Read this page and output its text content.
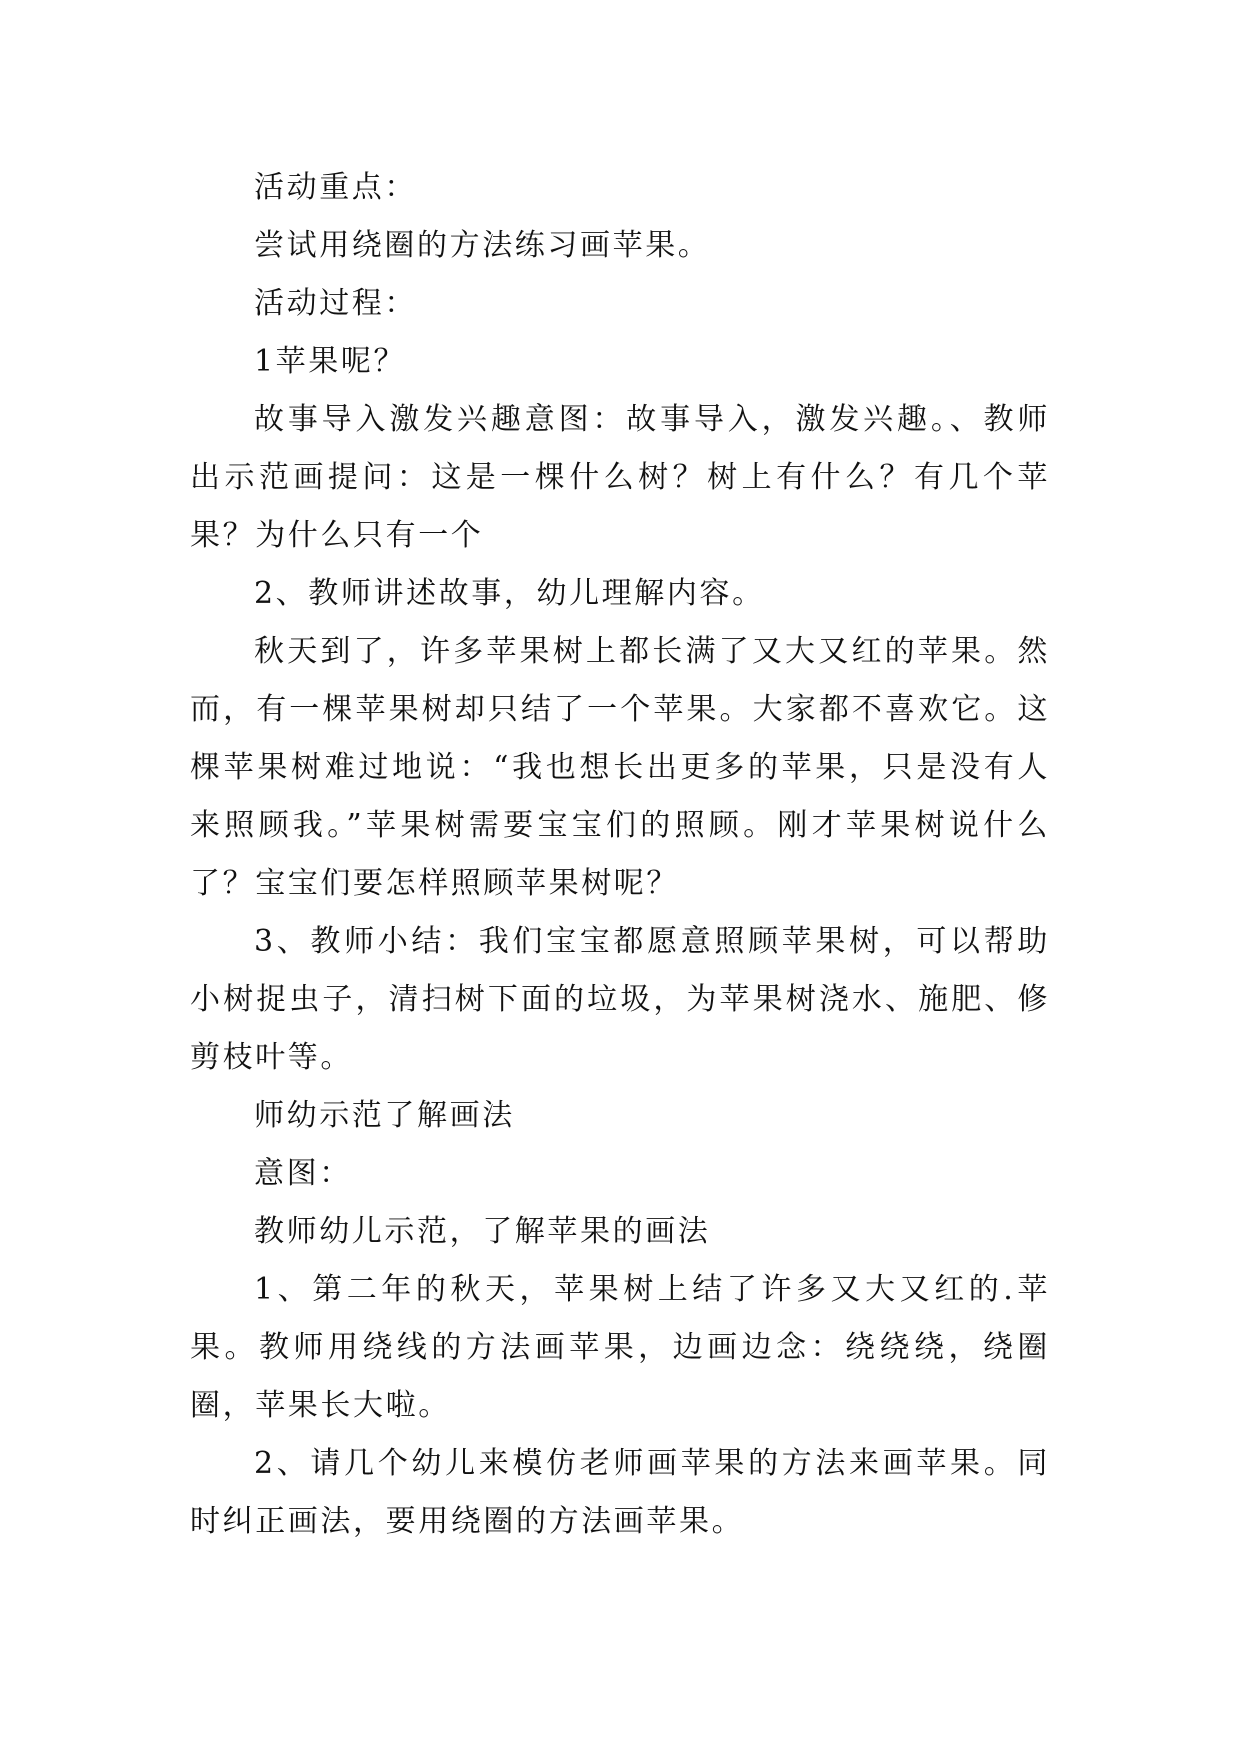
活动重点：

尝试用绕圈的方法练习画苹果。

活动过程：

1苹果呢？

故事导入激发兴趣意图：故事导入，激发兴趣。、教师出示范画提问：这是一棵什么树？树上有什么？有几个苹果？为什么只有一个

2、教师讲述故事，幼儿理解内容。

秋天到了，许多苹果树上都长满了又大又红的苹果。然而，有一棵苹果树却只结了一个苹果。大家都不喜欢它。这棵苹果树难过地说：“我也想长出更多的苹果，只是没有人来照顾我。”苹果树需要宝宝们的照顾。刚才苹果树说什么了？宝宝们要怎样照顾苹果树呢？

3、教师小结：我们宝宝都愿意照顾苹果树，可以帮助小树捉虫子，清扫树下面的垃圾，为苹果树浇水、施肥、修剪枝叶等。

师幼示范了解画法

意图：

教师幼儿示范，了解苹果的画法

1、第二年的秋天，苹果树上结了许多又大又红的.苹果。教师用绕线的方法画苹果，边画边念：绕绕绕，绕圈圈，苹果长大啦。

2、请几个幼儿来模仿老师画苹果的方法来画苹果。同时纠正画法，要用绕圈的方法画苹果。
